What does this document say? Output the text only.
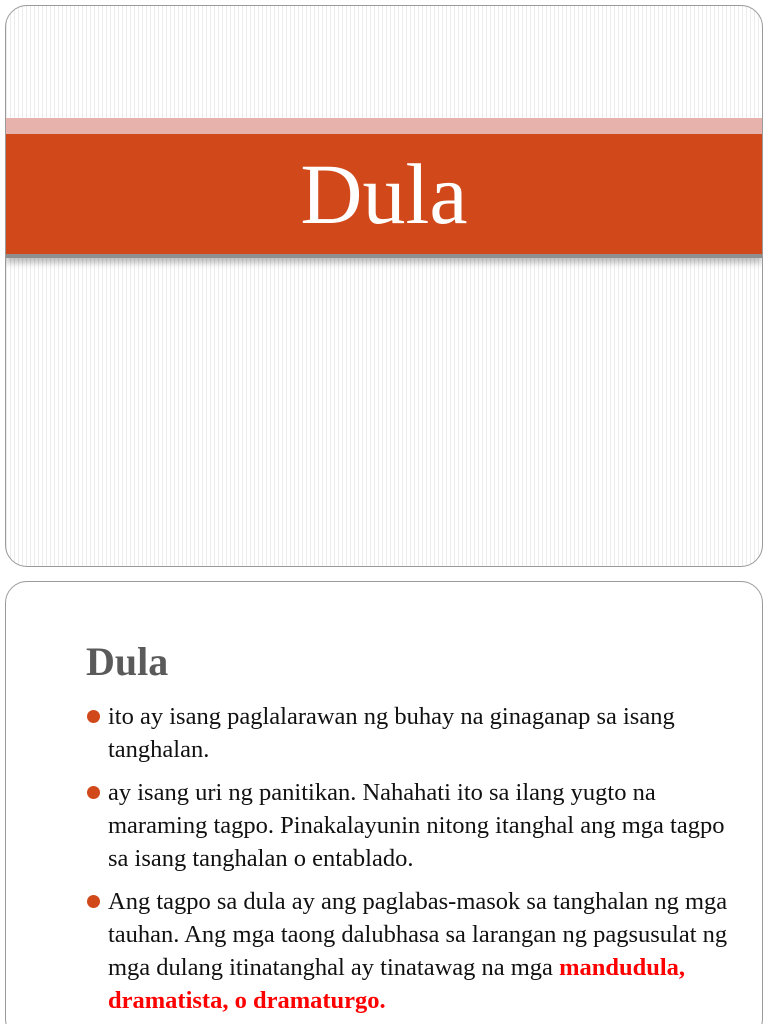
Dula
Dula
ito ay isang paglalarawan ng buhay na ginaganap sa isang tanghalan.
ay isang uri ng panitikan. Nahahati ito sa ilang yugto na maraming tagpo. Pinakalayunin nitong itanghal ang mga tagpo sa isang tanghalan o entablado.
Ang tagpo sa dula ay ang paglabas-masok sa tanghalan ng mga tauhan. Ang mga taong dalubhasa sa larangan ng pagsusulat ng mga dulang itinatanghal ay tinatawag na mga mandudula, dramatista, o dramaturgo.
